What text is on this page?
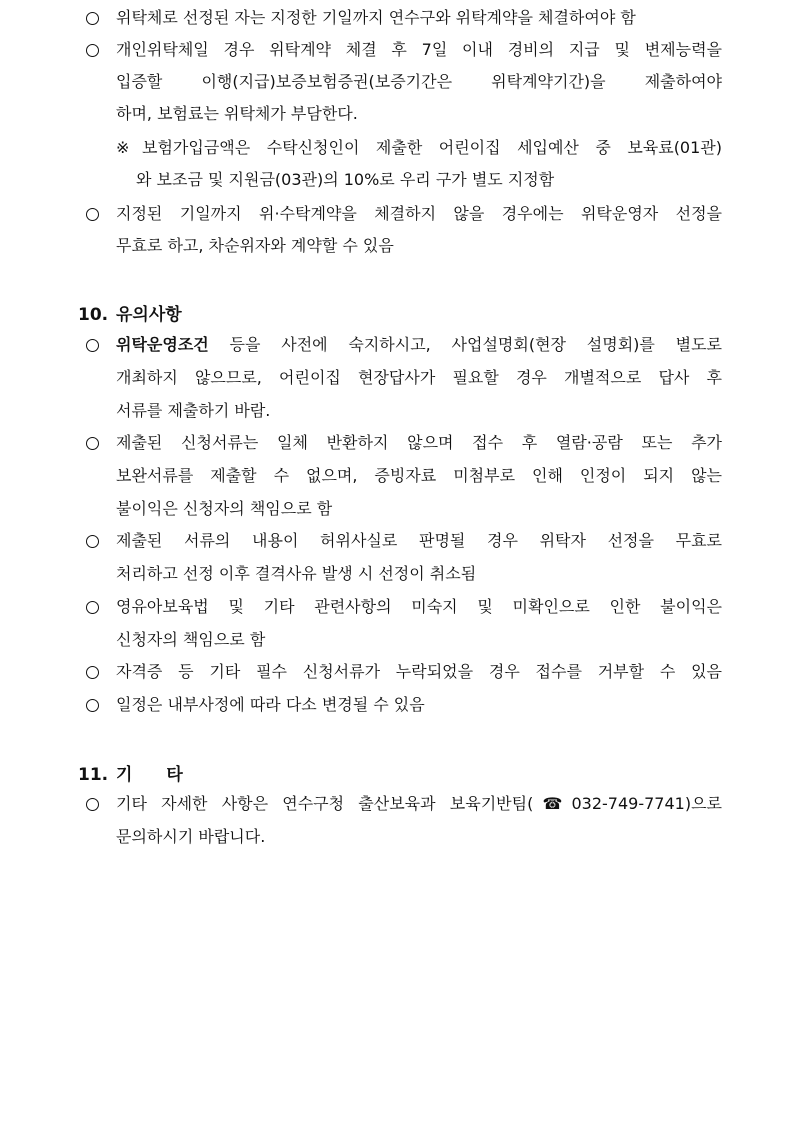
위탁체로 선정된 자는 지정한 기일까지 연수구와 위탁계약을 체결하여야 함
개인위탁체일 경우 위탁계약 체결 후 7일 이내 경비의 지급 및 변제능력을
입증할 이행(지급)보증보험증권(보증기간은 위탁계약기간)을 제출하여야
하며, 보험료는 위탁체가 부담한다.
※ 보험가입금액은 수탁신청인이 제출한 어린이집 세입예산 중 보육료(01관)
와 보조금 및 지원금(03관)의 10%로 우리 구가 별도 지정함
지정된 기일까지 위·수탁계약을 체결하지 않을 경우에는 위탁운영자 선정을
무효로 하고, 차순위자와 계약할 수 있음
10. 유의사항
위탁운영조건 등을 사전에 숙지하시고, 사업설명회(현장 설명회)를 별도로
개최하지 않으므로, 어린이집 현장답사가 필요할 경우 개별적으로 답사 후
서류를 제출하기 바람.
제출된 신청서류는 일체 반환하지 않으며 접수 후 열람·공람 또는 추가
보완서류를 제출할 수 없으며, 증빙자료 미첨부로 인해 인정이 되지 않는
불이익은 신청자의 책임으로 함
제출된 서류의 내용이 허위사실로 판명될 경우 위탁자 선정을 무효로
처리하고 선정 이후 결격사유 발생 시 선정이 취소됨
영유아보육법 및 기타 관련사항의 미숙지 및 미확인으로 인한 불이익은
신청자의 책임으로 함
자격증 등 기타 필수 신청서류가 누락되었을 경우 접수를 거부할 수 있음
일정은 내부사정에 따라 다소 변경될 수 있음
11. 기타
기타 자세한 사항은 연수구청 출산보육과 보육기반팀(☎032-749-7741)으로
문의하시기 바랍니다.
